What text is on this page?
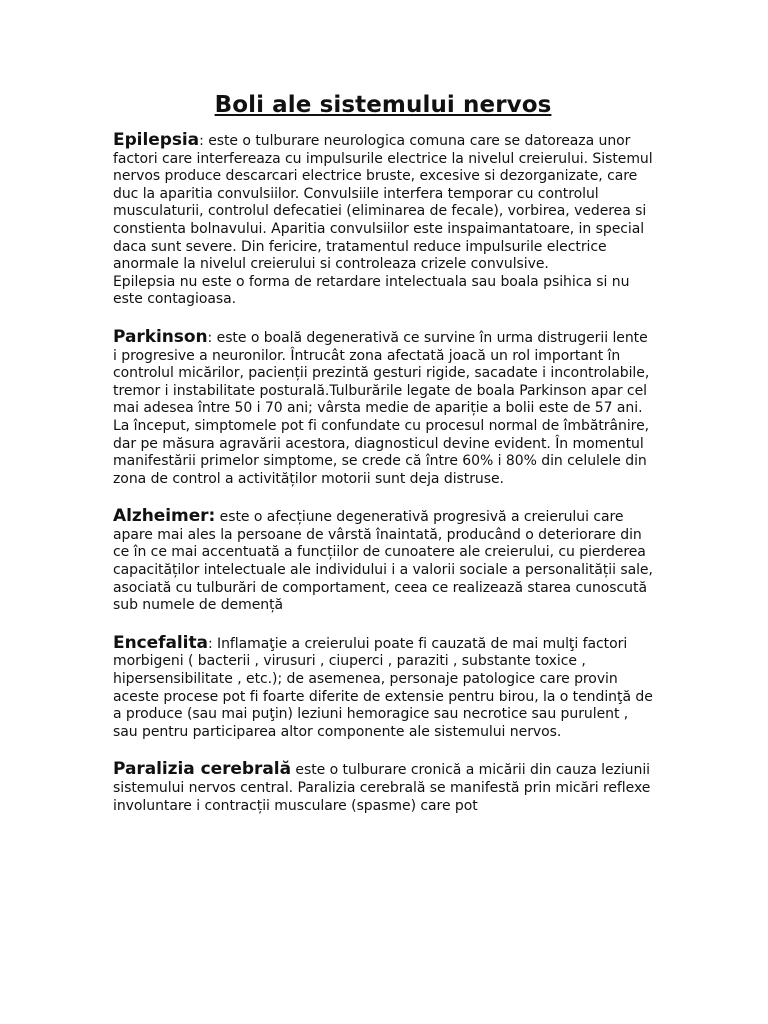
Boli ale sistemului nervos

Epilepsia: este o tulburare neurologica comuna care se datoreaza unor factori care interfereaza cu impulsurile electrice la nivelul creierului. Sistemul nervos produce descarcari electrice bruste, excesive si dezorganizate, care duc la aparitia convulsiilor. Convulsiile interfera temporar cu controlul musculaturii, controlul defecatiei (eliminarea de fecale), vorbirea, vederea si constienta bolnavului. Aparitia convulsiilor este inspaimantatoare, in special daca sunt severe. Din fericire, tratamentul reduce impulsurile electrice anormale la nivelul creierului si controleaza crizele convulsive.

Epilepsia nu este o forma de retardare intelectuala sau boala psihica si nu este contagioasa.

Parkinson: este o boală degenerativă ce survine în urma distrugerii lente i progresive a neuronilor. Întrucât zona afectată joacă un rol important în controlul micărilor, pacienții prezintă gesturi rigide, sacadate i incontrolabile, tremor i instabilitate posturală.Tulburările legate de boala Parkinson apar cel mai adesea între 50 i 70 ani; vârsta medie de apariție a bolii este de 57 ani. La început, simptomele pot fi confundate cu procesul normal de îmbătrânire, dar pe măsura agravării acestora, diagnosticul devine evident. În momentul manifestării primelor simptome, se crede că între 60% i 80% din celulele din zona de control a activităților motorii sunt deja distruse.

Alzheimer: este o afecțiune degenerativă progresivă a creierului care apare mai ales la persoane de vârstă înaintată, producând o deteriorare din ce în ce mai accentuată a funcțiilor de cunoatere ale creierului, cu pierderea capacităților intelectuale ale individului i a valorii sociale a personalității sale, asociată cu tulburări de comportament, ceea ce realizează starea cunoscută sub numele de demență

Encefalita: Inflamaţie a creierului poate fi cauzată de mai mulţi factori morbigeni ( bacterii , virusuri , ciuperci , paraziti , substante toxice , hipersensibilitate , etc.); de asemenea, personaje patologice care provin aceste procese pot fi foarte diferite de extensie pentru birou, la o tendinţă de a produce (sau mai puţin) leziuni hemoragice sau necrotice sau purulent , sau pentru participarea altor componente ale sistemului nervos.

Paralizia cerebrală este o tulburare cronică a micării din cauza leziunii sistemului nervos central. Paralizia cerebrală se manifestă prin micări reflexe involuntare i contracții musculare (spasme) care pot
